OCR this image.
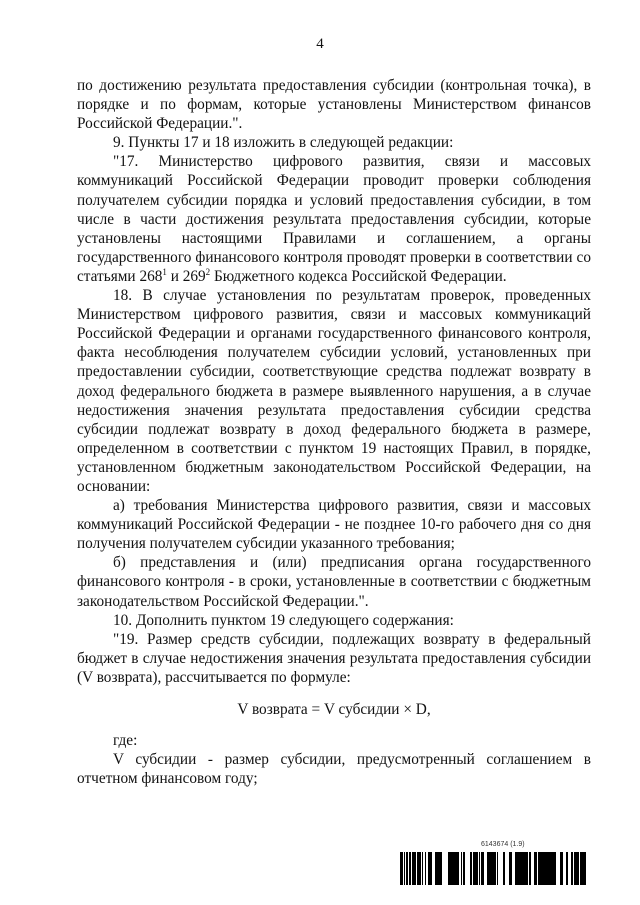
4

по достижению результата предоставления субсидии (контрольная точка), в порядке и по формам, которые установлены Министерством финансов Российской Федерации.".

9. Пункты 17 и 18 изложить в следующей редакции:

"17. Министерство цифрового развития, связи и массовых коммуникаций Российской Федерации проводит проверки соблюдения получателем субсидии порядка и условий предоставления субсидии, в том числе в части достижения результата предоставления субсидии, которые установлены настоящими Правилами и соглашением, а органы государственного финансового контроля проводят проверки в соответствии со статьями $268^1$ и $269^2$ Бюджетного кодекса Российской Федерации.

18. В случае установления по результатам проверок, проведенных Министерством цифрового развития, связи и массовых коммуникаций Российской Федерации и органами государственного финансового контроля, факта несоблюдения получателем субсидии условий, установленных при предоставлении субсидии, соответствующие средства подлежат возврату в доход федерального бюджета в размере выявленного нарушения, а в случае недостижения значения результата предоставления субсидии средства субсидии подлежат возврату в доход федерального бюджета в размере, определенном в соответствии с пунктом 19 настоящих Правил, в порядке, установленном бюджетным законодательством Российской Федерации, на основании:

а) требования Министерства цифрового развития, связи и массовых коммуникаций Российской Федерации - не позднее 10-го рабочего дня со дня получения получателем субсидии указанного требования;

б) представления и (или) предписания органа государственного финансового контроля - в сроки, установленные в соответствии с бюджетным законодательством Российской Федерации.".

10. Дополнить пунктом 19 следующего содержания:

"19. Размер средств субсидии, подлежащих возврату в федеральный бюджет в случае недостижения значения результата предоставления субсидии (V возврата), рассчитывается по формуле:

V возврата = V субсидии × D,

где:

V субсидии - размер субсидии, предусмотренный соглашением в отчетном финансовом году;

6143674 (1.9)
